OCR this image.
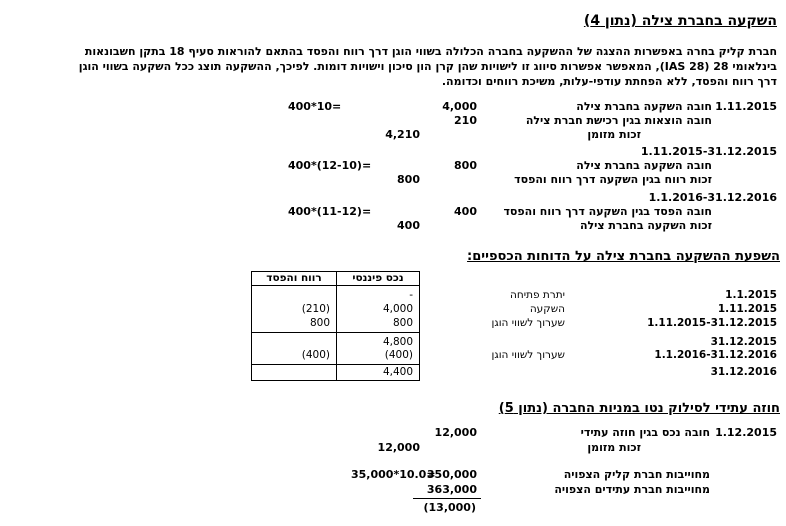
השקעה בחברת צילה (נתון 4)
חברת קליק בחרה באפשרות ההצגה של ההשקעה בחברה הכלולה בשווי הוגן דרך רווח והפסד בהתאם להוראות סעיף 18 בתקן חשבונאות
בינלאומי 28 (IAS 28), המאפשר אפשרות סיווג זו לישויות שהן קרן הון סיכון וישויות דומות. לפיכך, ההשקעה תוצג ככל השקעה בשווי הוגן
דרך רווח והפסד, ללא הפחתת עודפי-עלות, משיכת רווחים וכדומה.
1.11.2015
חובה השקעה בחברת צילה
4,000
400*10=
חובה הוצאות בגין רכישת חברת צילה
210
זכות מזומן
4,210
1.11.2015-31.12.2015
חובה השקעה בחברת צילה
800
400*(12-10)=
זכות רווח בגין השקעה דרך רווח והפסד
800
1.1.2016-31.12.2016
חובה הפסד בגין השקעה דרך רווח והפסד
400
400*(11-12)=
זכות השקעה בחברת צילה
400
השפעת ההשקעה בחברת צילה על הדוחות הכספיים:
נכס פיננסי
רווח והפסד
1.1.2015
יתרת פתיחה
-
1.11.2015
השקעה
4,000
(210)
1.11.2015-31.12.2015
שערוך לשווי הוגן
800
800
31.12.2015
4,800
1.1.2016-31.12.2016
שערוך לשווי הוגן
(400)
(400)
31.12.2016
4,400
חוזה עתידי לסילוק נטו במניות החברה (נתון 5)
1.12.2015
חובה נכס בגין חוזה עתידי
12,000
זכות מזומן
12,000
מחוייבות חברת קליק הצפויה
350,000
35,000*10.0=
מחוייבות חברת עתידים הצפויה
363,000
(13,000)
